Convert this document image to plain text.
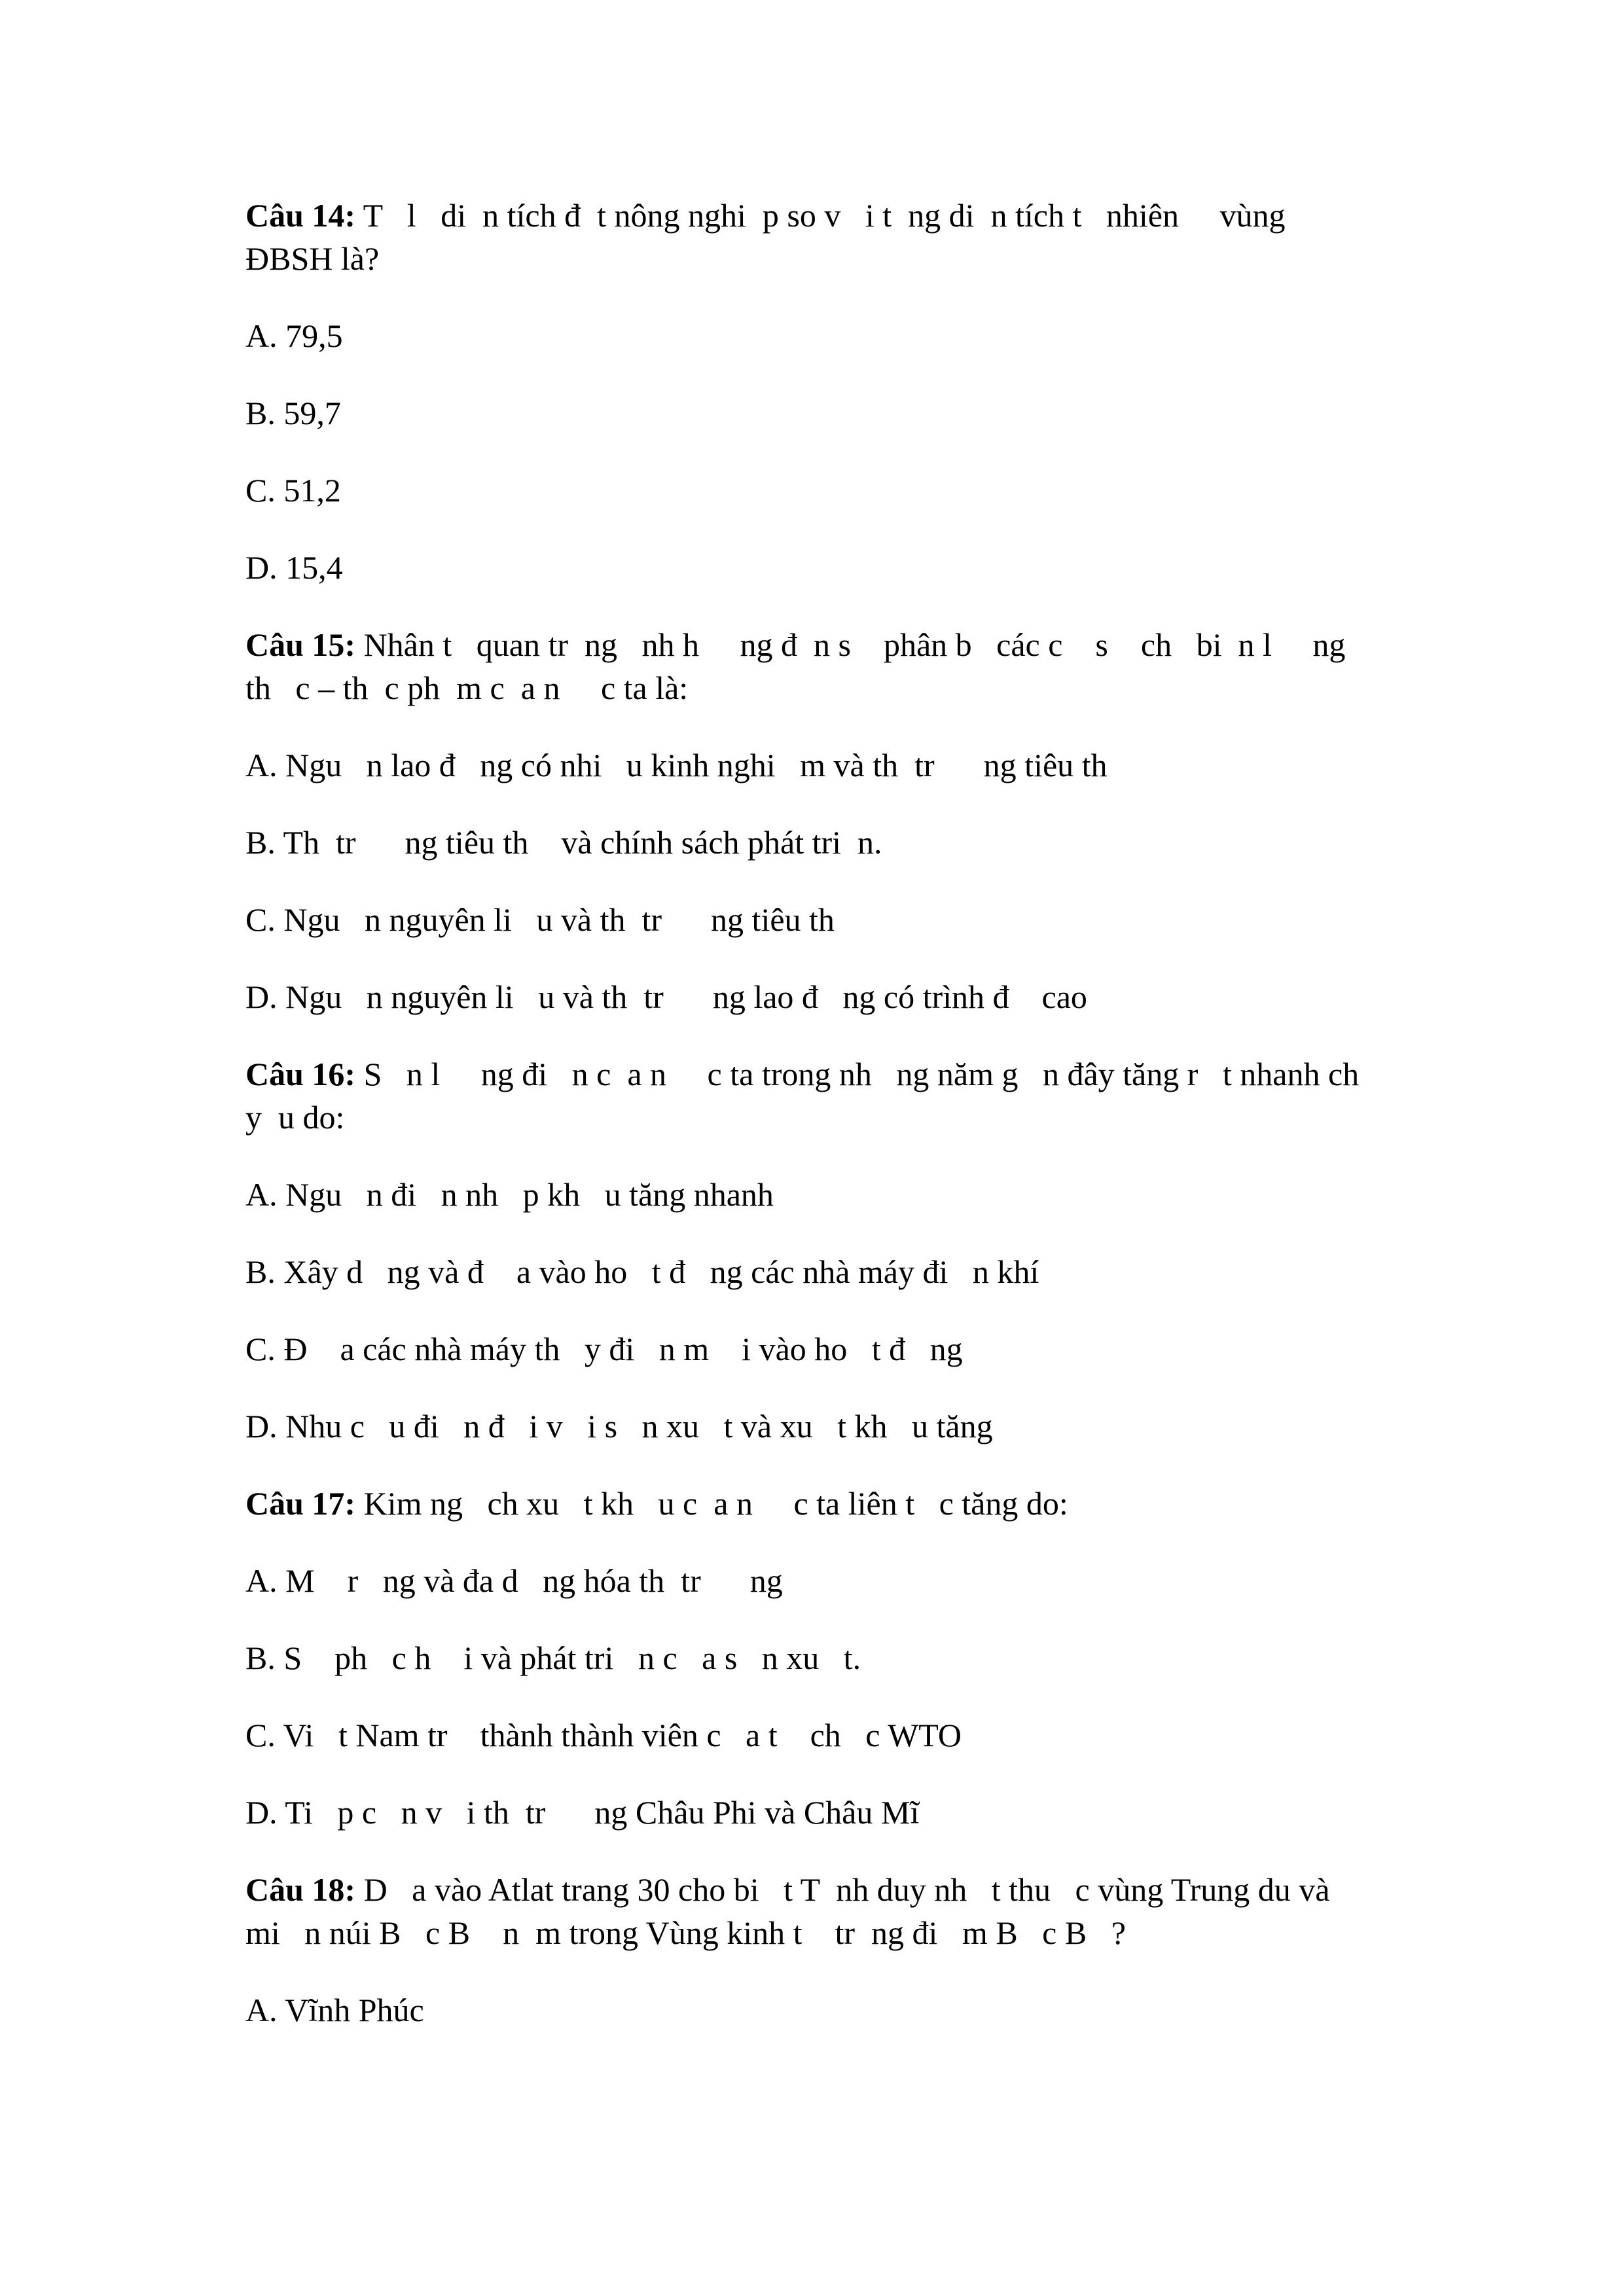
Câu 14: T   l   di  n tích đ  t nông nghi  p so v   i t  ng di  n tích t   nhiên     vùng ĐBSH là?

A. 79,5

B. 59,7

C. 51,2

D. 15,4

Câu 15: Nhân t   quan tr  ng   nh h     ng đ  n s    phân b   các c    s    ch   bi  n l     ng th   c – th  c ph  m c  a n     c ta là:

A. Ngu   n lao đ   ng có nhi   u kinh nghi   m và th  tr      ng tiêu th

B. Th  tr      ng tiêu th    và chính sách phát tri  n.

C. Ngu   n nguyên li   u và th  tr      ng tiêu th

D. Ngu   n nguyên li   u và th  tr      ng lao đ   ng có trình đ    cao

Câu 16: S   n l     ng đi   n c  a n     c ta trong nh   ng năm g   n đây tăng r   t nhanh ch    y  u do:

A. Ngu   n đi   n nh   p kh   u tăng nhanh

B. Xây d   ng và đ    a vào ho   t đ   ng các nhà máy đi   n khí

C. Đ    a các nhà máy th   y đi   n m    i vào ho   t đ   ng

D. Nhu c   u đi   n đ   i v   i s   n xu   t và xu   t kh   u tăng

Câu 17: Kim ng   ch xu   t kh   u c  a n     c ta liên t   c tăng do:

A. M    r   ng và đa d   ng hóa th  tr      ng

B. S    ph   c h    i và phát tri   n c   a s   n xu   t.

C. Vi   t Nam tr    thành thành viên c   a t    ch   c WTO

D. Ti   p c   n v   i th  tr      ng Châu Phi và Châu Mĩ

Câu 18: D   a vào Atlat trang 30 cho bi   t T  nh duy nh   t thu   c vùng Trung du và mi   n núi B   c B    n  m trong Vùng kinh t    tr  ng đi   m B   c B   ?

A. Vĩnh Phúc
